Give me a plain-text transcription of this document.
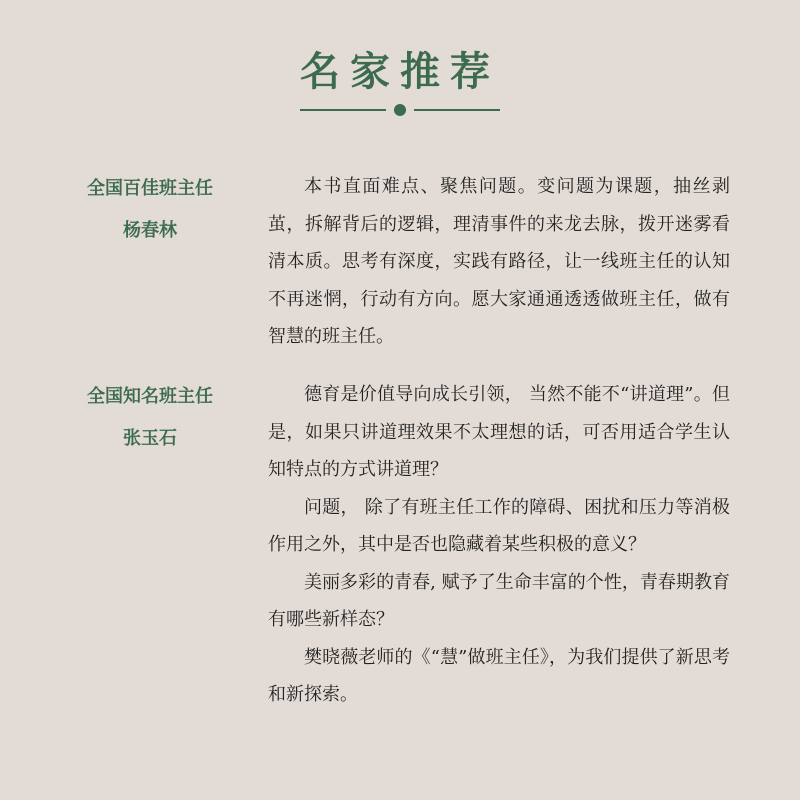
名家推荐
全国百佳班主任
杨春林

本书直面难点、聚焦问题。变问题为课题，抽丝剥茧，拆解背后的逻辑，理清事件的来龙去脉，拨开迷雾看清本质。思考有深度，实践有路径，让一线班主任的认知不再迷惘，行动有方向。愿大家通通透透做班主任，做有智慧的班主任。

全国知名班主任
张玉石

德育是价值导向成长引领， 当然不能不“讲道理”。但是，如果只讲道理效果不太理想的话，可否用适合学生认知特点的方式讲道理？

问题， 除了有班主任工作的障碍、困扰和压力等消极作用之外，其中是否也隐藏着某些积极的意义？

美丽多彩的青春, 赋予了生命丰富的个性，青春期教育有哪些新样态？

樊晓薇老师的《“慧”做班主任》，为我们提供了新思考和新探索。
